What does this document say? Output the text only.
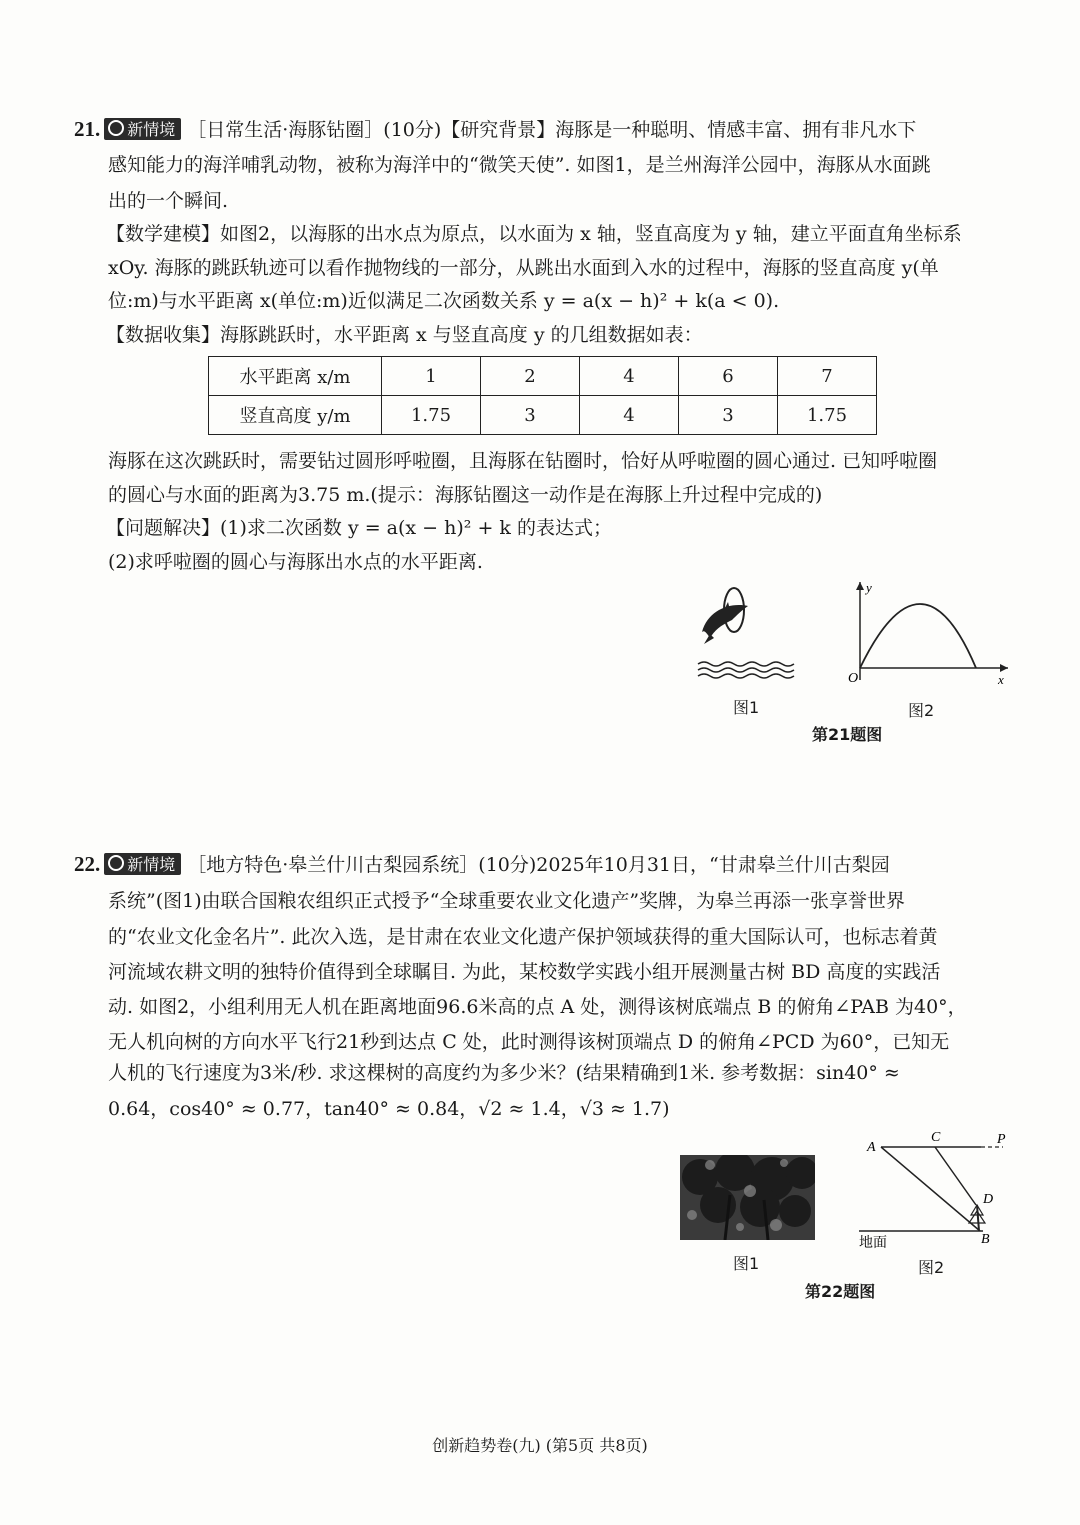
21. 新情境 ［日常生活·海豚钻圈］(10分)【研究背景】海豚是一种聪明、情感丰富、拥有非凡水下
感知能力的海洋哺乳动物，被称为海洋中的“微笑天使”. 如图1，是兰州海洋公园中，海豚从水面跳
出的一个瞬间.
【数学建模】如图2，以海豚的出水点为原点，以水面为 x 轴，竖直高度为 y 轴，建立平面直角坐标系
xOy. 海豚的跳跃轨迹可以看作抛物线的一部分，从跳出水面到入水的过程中，海豚的竖直高度 y(单
位:m)与水平距离 x(单位:m)近似满足二次函数关系 y = a(x − h)² + k(a < 0).
【数据收集】海豚跳跃时，水平距离 x 与竖直高度 y 的几组数据如表：
水平距离 x/m	1	2	4	6	7
竖直高度 y/m	1.75	3	4	3	1.75
海豚在这次跳跃时，需要钻过圆形呼啦圈，且海豚在钻圈时，恰好从呼啦圈的圆心通过. 已知呼啦圈
的圆心与水面的距离为3.75 m.(提示：海豚钻圈这一动作是在海豚上升过程中完成的)
【问题解决】(1)求二次函数 y = a(x − h)² + k 的表达式；
(2)求呼啦圈的圆心与海豚出水点的水平距离.
图1
y
x
O
图2
第21题图
22. 新情境 ［地方特色·皋兰什川古梨园系统］(10分)2025年10月31日，“甘肃皋兰什川古梨园
系统”(图1)由联合国粮农组织正式授予“全球重要农业文化遗产”奖牌，为皋兰再添一张享誉世界
的“农业文化金名片”. 此次入选，是甘肃在农业文化遗产保护领域获得的重大国际认可，也标志着黄
河流域农耕文明的独特价值得到全球瞩目. 为此，某校数学实践小组开展测量古树 BD 高度的实践活
动. 如图2，小组利用无人机在距离地面96.6米高的点 A 处，测得该树底端点 B 的俯角∠PAB 为40°，
无人机向树的方向水平飞行21秒到达点 C 处，此时测得该树顶端点 D 的俯角∠PCD 为60°，已知无
人机的飞行速度为3米/秒. 求这棵树的高度约为多少米？(结果精确到1米. 参考数据：sin40° ≈
0.64，cos40° ≈ 0.77，tan40° ≈ 0.84，√2 ≈ 1.4，√3 ≈ 1.7)
图1
A
C	P
D
B
地面
图2
第22题图
创新趋势卷(九) (第5页 共8页)
